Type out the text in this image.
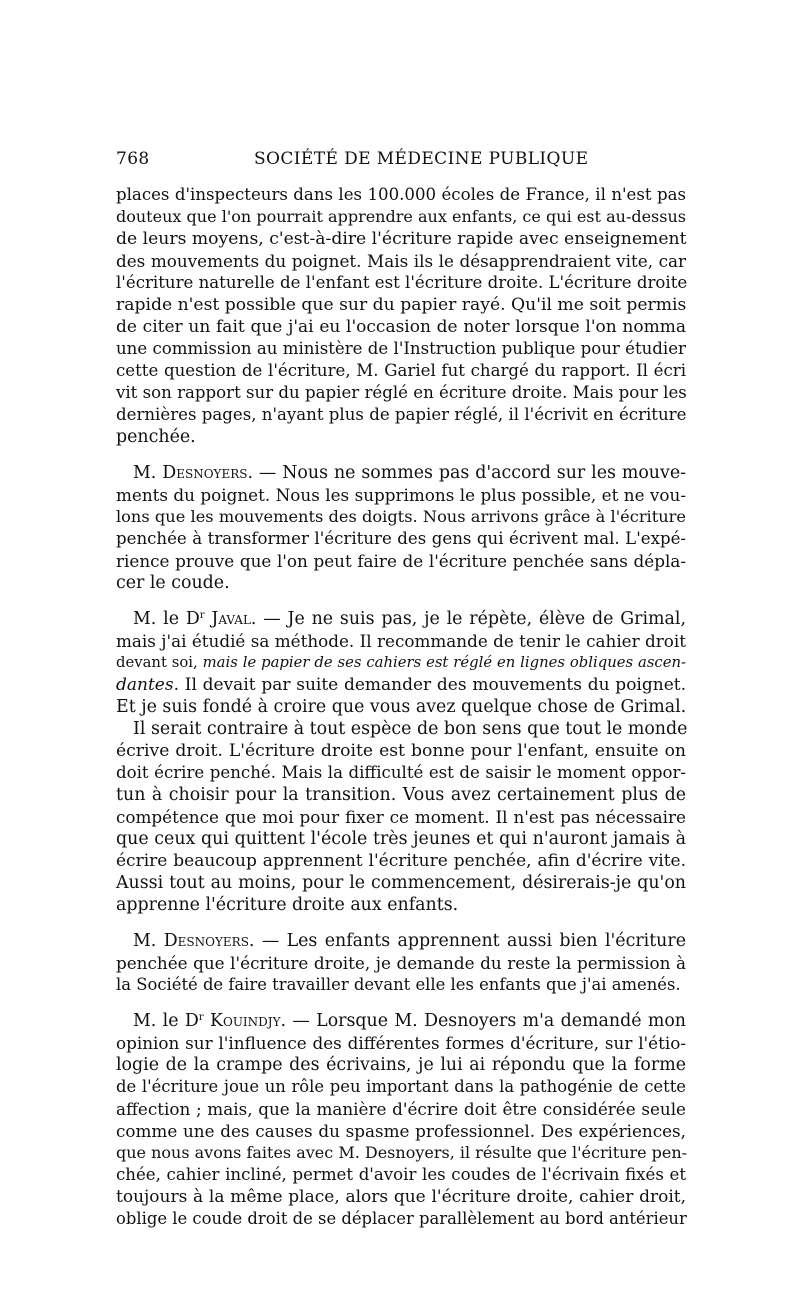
768	SOCIÉTÉ DE MÉDECINE PUBLIQUE
places d'inspecteurs dans les 100.000 écoles de France, il n'est pas
douteux que l'on pourrait apprendre aux enfants, ce qui est au-dessus
de leurs moyens, c'est-à-dire l'écriture rapide avec enseignement
des mouvements du poignet. Mais ils le désapprendraient vite, car
l'écriture naturelle de l'enfant est l'écriture droite. L'écriture droite
rapide n'est possible que sur du papier rayé. Qu'il me soit permis
de citer un fait que j'ai eu l'occasion de noter lorsque l'on nomma
une commission au ministère de l'Instruction publique pour étudier
cette question de l'écriture, M. Gariel fut chargé du rapport. Il écri
vit son rapport sur du papier réglé en écriture droite. Mais pour les
dernières pages, n'ayant plus de papier réglé, il l'écrivit en écriture
penchée.
M. Desnoyers. — Nous ne sommes pas d'accord sur les mouve-
ments du poignet. Nous les supprimons le plus possible, et ne vou-
lons que les mouvements des doigts. Nous arrivons grâce à l'écriture
penchée à transformer l'écriture des gens qui écrivent mal. L'expé-
rience prouve que l'on peut faire de l'écriture penchée sans dépla-
cer le coude.
M. le $D^r$ Javal. — Je ne suis pas, je le répète, élève de Grimal,
mais j'ai étudié sa méthode. Il recommande de tenir le cahier droit
devant soi, mais le papier de ses cahiers est réglé en lignes obliques ascen-
dantes. Il devait par suite demander des mouvements du poignet.
Et je suis fondé à croire que vous avez quelque chose de Grimal.
Il serait contraire à tout espèce de bon sens que tout le monde
écrive droit. L'écriture droite est bonne pour l'enfant, ensuite on
doit écrire penché. Mais la difficulté est de saisir le moment oppor-
tun à choisir pour la transition. Vous avez certainement plus de
compétence que moi pour fixer ce moment. Il n'est pas nécessaire
que ceux qui quittent l'école très jeunes et qui n'auront jamais à
écrire beaucoup apprennent l'écriture penchée, afin d'écrire vite.
Aussi tout au moins, pour le commencement, désirerais-je qu'on
apprenne l'écriture droite aux enfants.
M. Desnoyers. — Les enfants apprennent aussi bien l'écriture
penchée que l'écriture droite, je demande du reste la permission à
la Société de faire travailler devant elle les enfants que j'ai amenés.
M. le $D^r$ Kouindjy. — Lorsque M. Desnoyers m'a demandé mon
opinion sur l'influence des différentes formes d'écriture, sur l'étio-
logie de la crampe des écrivains, je lui ai répondu que la forme
de l'écriture joue un rôle peu important dans la pathogénie de cette
affection ; mais, que la manière d'écrire doit être considérée seule
comme une des causes du spasme professionnel. Des expériences,
que nous avons faites avec M. Desnoyers, il résulte que l'écriture pen-
chée, cahier incliné, permet d'avoir les coudes de l'écrivain fixés et
toujours à la même place, alors que l'écriture droite, cahier droit,
oblige le coude droit de se déplacer parallèlement au bord antérieur
